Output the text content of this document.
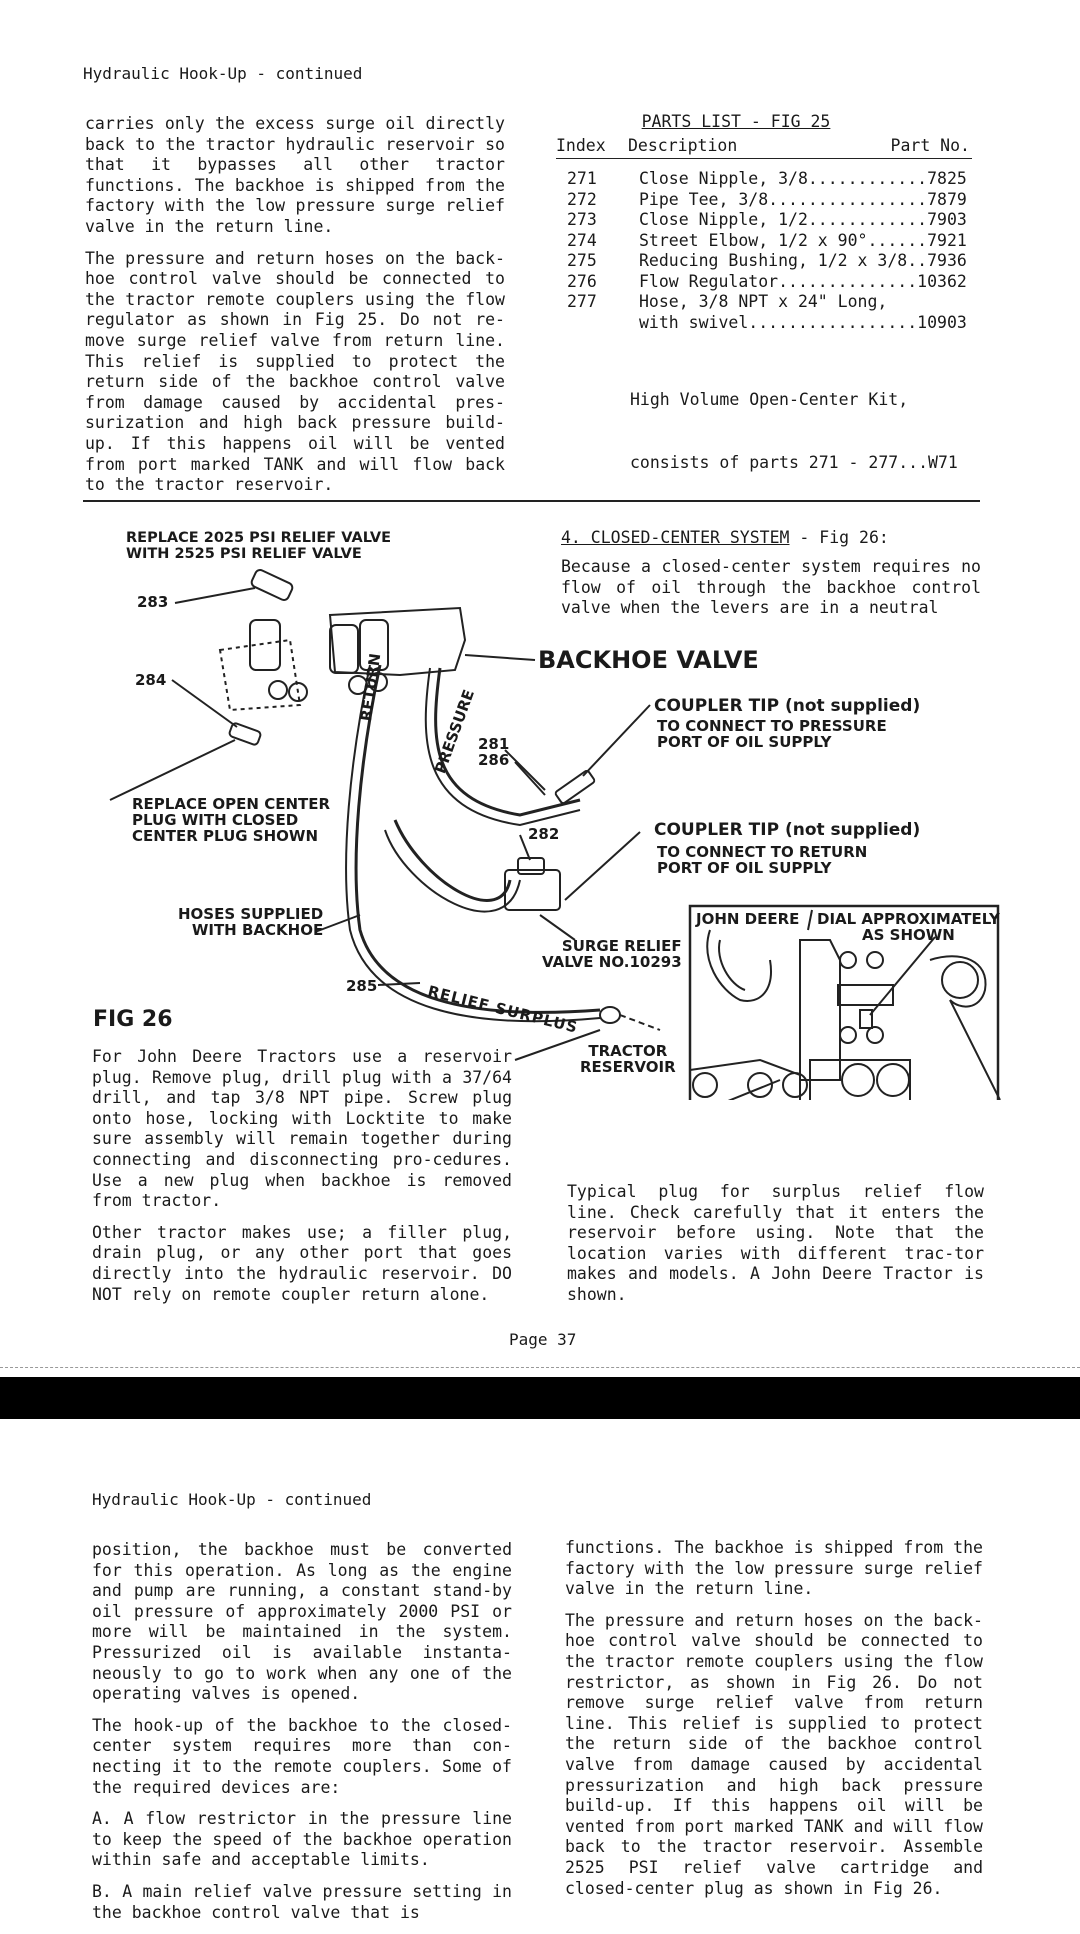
Hydraulic Hook-Up - continued

carries only the excess surge oil directly back to the tractor hydraulic reservoir so that it bypasses all other tractor functions. The backhoe is shipped from the factory with the low pressure surge relief valve in the return line.

The pressure and return hoses on the back-hoe control valve should be connected to the tractor remote couplers using the flow regulator as shown in Fig 25. Do not re-move surge relief valve from return line. This relief is supplied to protect the return side of the backhoe control valve from damage caused by accidental pres-surization and high back pressure build-up. If this happens oil will be vented from port marked TANK and will flow back to the tractor reservoir.

PARTS LIST - FIG 25
Index Description	Part No.
271	Close Nipple, 3/8............7825
272	Pipe Tee, 3/8................7879
273	Close Nipple, 1/2............7903
274	Street Elbow, 1/2 x 90°......7921
275	Reducing Bushing, 1/2 x 3/8..7936
276	Flow Regulator..............10362
277	Hose, 3/8 NPT x 24" Long,
	with swivel.................10903

High Volume Open-Center Kit,

consists of parts 271 - 277...W71

4. CLOSED-CENTER SYSTEM - Fig 26:
Because a closed-center system requires no flow of oil through the backhoe control valve when the levers are in a neutral
REPLACE 2025 PSI RELIEF VALVE
WITH 2525 PSI RELIEF VALVE
283
284
BACKHOE VALVE
RETURN	PRESSURE 281
286
COUPLER TIP (not supplied)
TO CONNECT TO PRESSURE
PORT OF OIL SUPPLY
REPLACE OPEN CENTER
PLUG WITH CLOSED
CENTER PLUG SHOWN	282	COUPLER TIP (not supplied)
TO CONNECT TO RETURN
PORT OF OIL SUPPLY
HOSES SUPPLIED
WITH BACKHOE
SURGE RELIEF
VALVE NO.10293
JOHN DEERE DIAL APPROXIMATELY
AS SHOWN
285	RELIEF SURPLUS
FIG 26
TRACTOR
RESERVOIR

For John Deere Tractors use a reservoir plug. Remove plug, drill plug with a 37/64 drill, and tap 3/8 NPT pipe. Screw plug onto hose, locking with Locktite to make sure assembly will remain together during connecting and disconnecting pro-cedures. Use a new plug when backhoe is removed from tractor.

Other tractor makes use; a filler plug, drain plug, or any other port that goes directly into the hydraulic reservoir. DO NOT rely on remote coupler return alone.

Typical plug for surplus relief flow line. Check carefully that it enters the reservoir before using. Note that the location varies with different trac-tor makes and models. A John Deere Tractor is shown.
Page 37
Hydraulic Hook-Up - continued

position, the backhoe must be converted for this operation. As long as the engine and pump are running, a constant stand-by oil pressure of approximately 2000 PSI or more will be maintained in the system. Pressurized oil is available instanta-neously to go to work when any one of the operating valves is opened.

The hook-up of the backhoe to the closed-center system requires more than con-necting it to the remote couplers. Some of the required devices are:

A. A flow restrictor in the pressure line to keep the speed of the backhoe operation within safe and acceptable limits.

B. A main relief valve pressure setting in the backhoe control valve that is

functions. The backhoe is shipped from the factory with the low pressure surge relief valve in the return line.

The pressure and return hoses on the back-hoe control valve should be connected to the tractor remote couplers using the flow restrictor, as shown in Fig 26. Do not remove surge relief valve from return line. This relief is supplied to protect the return side of the backhoe control valve from damage caused by accidental pressurization and high back pressure build-up. If this happens oil will be vented from port marked TANK and will flow back to the tractor reservoir. Assemble 2525 PSI relief valve cartridge and closed-center plug as shown in Fig 26.
